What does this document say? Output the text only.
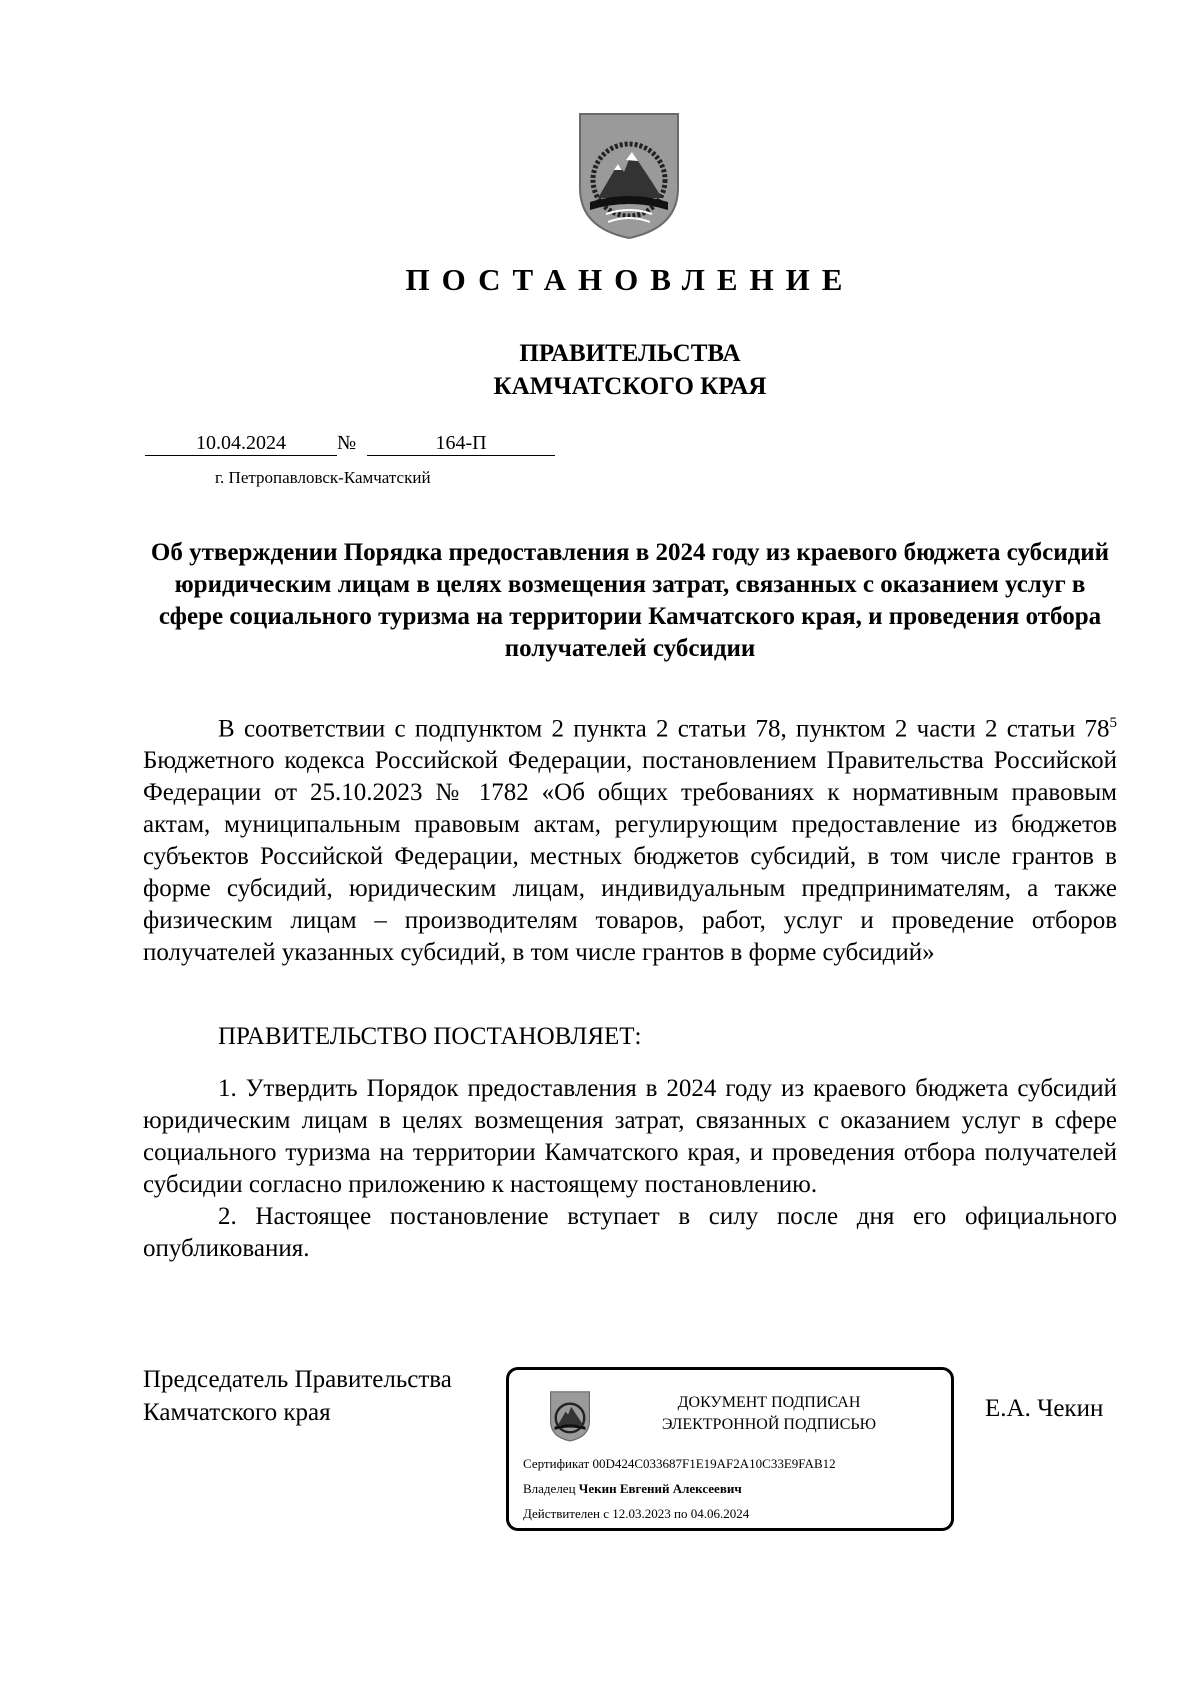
ПОСТАНОВЛЕНИЕ
ПРАВИТЕЛЬСТВА
КАМЧАТСКОГО КРАЯ
10.04.2024	№	164-П
г. Петропавловск-Камчатский
Об утверждении Порядка предоставления в 2024 году из краевого бюджета субсидий юридическим лицам в целях возмещения затрат, связанных с оказанием услуг в сфере социального туризма на территории Камчатского края, и проведения отбора получателей субсидии
В соответствии с подпунктом 2 пункта 2 статьи 78, пунктом 2 части 2 статьи $78^5$ Бюджетного кодекса Российской Федерации, постановлением Правительства Российской Федерации от 25.10.2023 № 1782 «Об общих требованиях к нормативным правовым актам, муниципальным правовым актам, регулирующим предоставление из бюджетов субъектов Российской Федерации, местных бюджетов субсидий, в том числе грантов в форме субсидий, юридическим лицам, индивидуальным предпринимателям, а также физическим лицам – производителям товаров, работ, услуг и проведение отборов получателей указанных субсидий, в том числе грантов в форме субсидий»
ПРАВИТЕЛЬСТВО ПОСТАНОВЛЯЕТ:

1. Утвердить Порядок предоставления в 2024 году из краевого бюджета субсидий юридическим лицам в целях возмещения затрат, связанных с оказанием услуг в сфере социального туризма на территории Камчатского края, и проведения отбора получателей субсидии согласно приложению к настоящему постановлению.

2. Настоящее постановление вступает в силу после дня его официального опубликования.

Председатель Правительства
Камчатского края	ДОКУМЕНТ ПОДПИСАН
ЭЛЕКТРОННОЙ ПОДПИСЬЮ
Сертификат 00D424C033687F1E19AF2A10C33E9FAB12
Владелец Чекин Евгений Алексеевич
Действителен с 12.03.2023 по 04.06.2024
Е.А. Чекин
